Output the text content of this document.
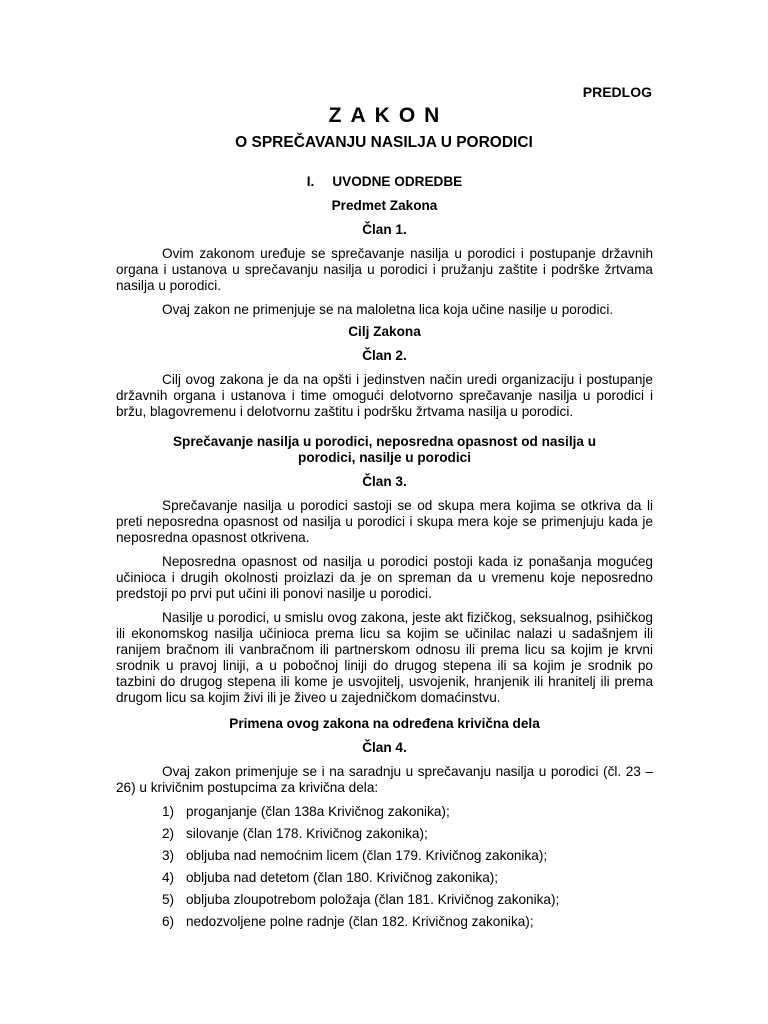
PREDLOG
ZAKON
O SPREČAVANJU NASILJA U PORODICI
I. UVODNE ODREDBE
Predmet Zakona
Član 1.

Ovim zakonom uređuje se sprečavanje nasilja u porodici i postupanje državnih organa i ustanova u sprečavanju nasilja u porodici i pružanju zaštite i podrške žrtvama nasilja u porodici.

Ovaj zakon ne primenjuje se na maloletna lica koja učine nasilje u porodici.

Cilj Zakona
Član 2.

Cilj ovog zakona je da na opšti i jedinstven način uredi organizaciju i postupanje državnih organa i ustanova i time omogući delotvorno sprečavanje nasilja u porodici i bržu, blagovremenu i delotvornu zaštitu i podršku žrtvama nasilja u porodici.

Sprečavanje nasilja u porodici, neposredna opasnost od nasilja u
porodici, nasilje u porodici
Član 3.

Sprečavanje nasilja u porodici sastoji se od skupa mera kojima se otkriva da li preti neposredna opasnost od nasilja u porodici i skupa mera koje se primenjuju kada je neposredna opasnost otkrivena.

Neposredna opasnost od nasilja u porodici postoji kada iz ponašanja mogućeg učinioca i drugih okolnosti proizlazi da je on spreman da u vremenu koje neposredno predstoji po prvi put učini ili ponovi nasilje u porodici.

Nasilje u porodici, u smislu ovog zakona, jeste akt fizičkog, seksualnog, psihičkog ili ekonomskog nasilja učinioca prema licu sa kojim se učinilac nalazi u sadašnjem ili ranijem bračnom ili vanbračnom ili partnerskom odnosu ili prema licu sa kojim je krvni srodnik u pravoj liniji, a u pobočnoj liniji do drugog stepena ili sa kojim je srodnik po tazbini do drugog stepena ili kome je usvojitelj, usvojenik, hranjenik ili hranitelj ili prema drugom licu sa kojim živi ili je živeo u zajedničkom domaćinstvu.

Primena ovog zakona na određena krivična dela
Član 4.

Ovaj zakon primenjuje se i na saradnju u sprečavanju nasilja u porodici (čl. 23 – 26) u krivičnim postupcima za krivična dela:

1) proganjanje (član 138a Krivičnog zakonika);
2) silovanje (član 178. Krivičnog zakonika);
3) obljuba nad nemoćnim licem (član 179. Krivičnog zakonika);
4) obljuba nad detetom (član 180. Krivičnog zakonika);
5) obljuba zloupotrebom položaja (član 181. Krivičnog zakonika);
6) nedozvoljene polne radnje (član 182. Krivičnog zakonika);
